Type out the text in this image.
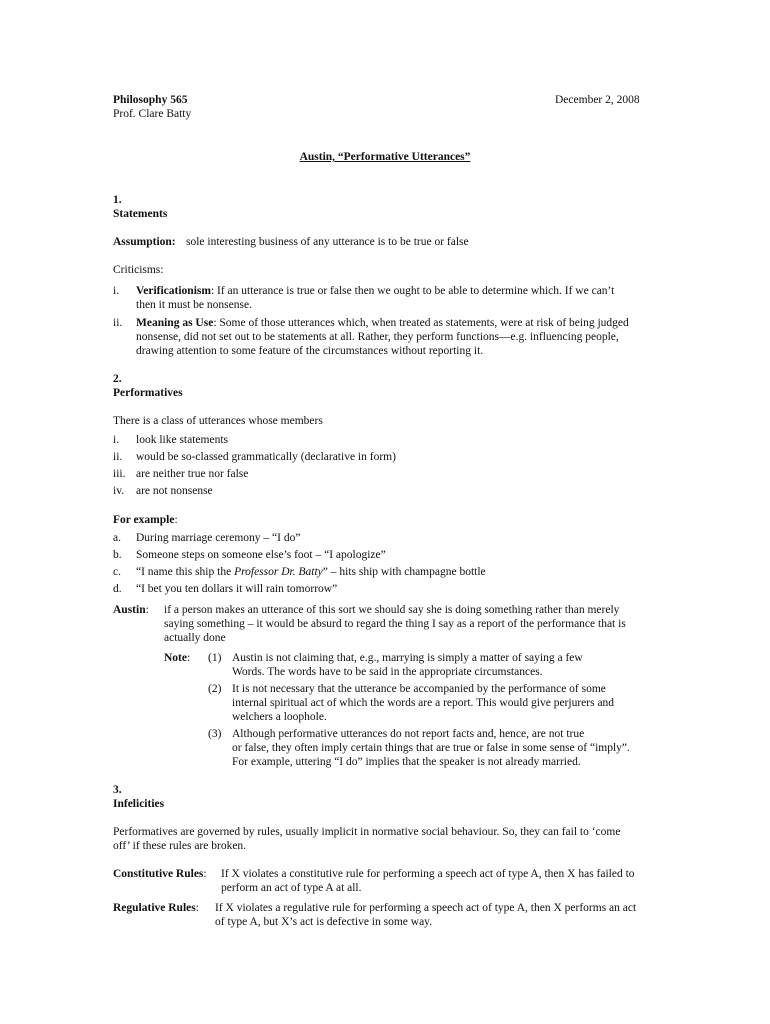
Philosophy 565
Prof. Clare Batty
December 2, 2008
Austin, “Performative Utterances”
1.
Statements
Assumption: sole interesting business of any utterance is to be true or false
Criticisms:
i. Verificationism: If an utterance is true or false then we ought to be able to determine which. If we can’t
then it must be nonsense.
ii. Meaning as Use: Some of those utterances which, when treated as statements, were at risk of being judged
nonsense, did not set out to be statements at all. Rather, they perform functions—e.g. influencing people,
drawing attention to some feature of the circumstances without reporting it.
2.
Performatives
There is a class of utterances whose members
i. look like statements
ii. would be so-classed grammatically (declarative in form)
iii. are neither true nor false
iv. are not nonsense
For example:
a. During marriage ceremony – “I do”
b. Someone steps on someone else’s foot – “I apologize”
c. “I name this ship the Professor Dr. Batty” – hits ship with champagne bottle
d. “I bet you ten dollars it will rain tomorrow”
Austin: if a person makes an utterance of this sort we should say she is doing something rather than merely
saying something – it would be absurd to regard the thing I say as a report of the performance that is
actually done
Note: (1) Austin is not claiming that, e.g., marrying is simply a matter of saying a few
Words. The words have to be said in the appropriate circumstances.
(2) It is not necessary that the utterance be accompanied by the performance of some
internal spiritual act of which the words are a report. This would give perjurers and
welchers a loophole.
(3) Although performative utterances do not report facts and, hence, are not true
or false, they often imply certain things that are true or false in some sense of “imply”.
For example, uttering “I do” implies that the speaker is not already married.
3.
Infelicities
Performatives are governed by rules, usually implicit in normative social behaviour. So, they can fail to ‘come
off’ if these rules are broken.
Constitutive Rules: If X violates a constitutive rule for performing a speech act of type A, then X has failed to
perform an act of type A at all.
Regulative Rules: If X violates a regulative rule for performing a speech act of type A, then X performs an act
of type A, but X’s act is defective in some way.
